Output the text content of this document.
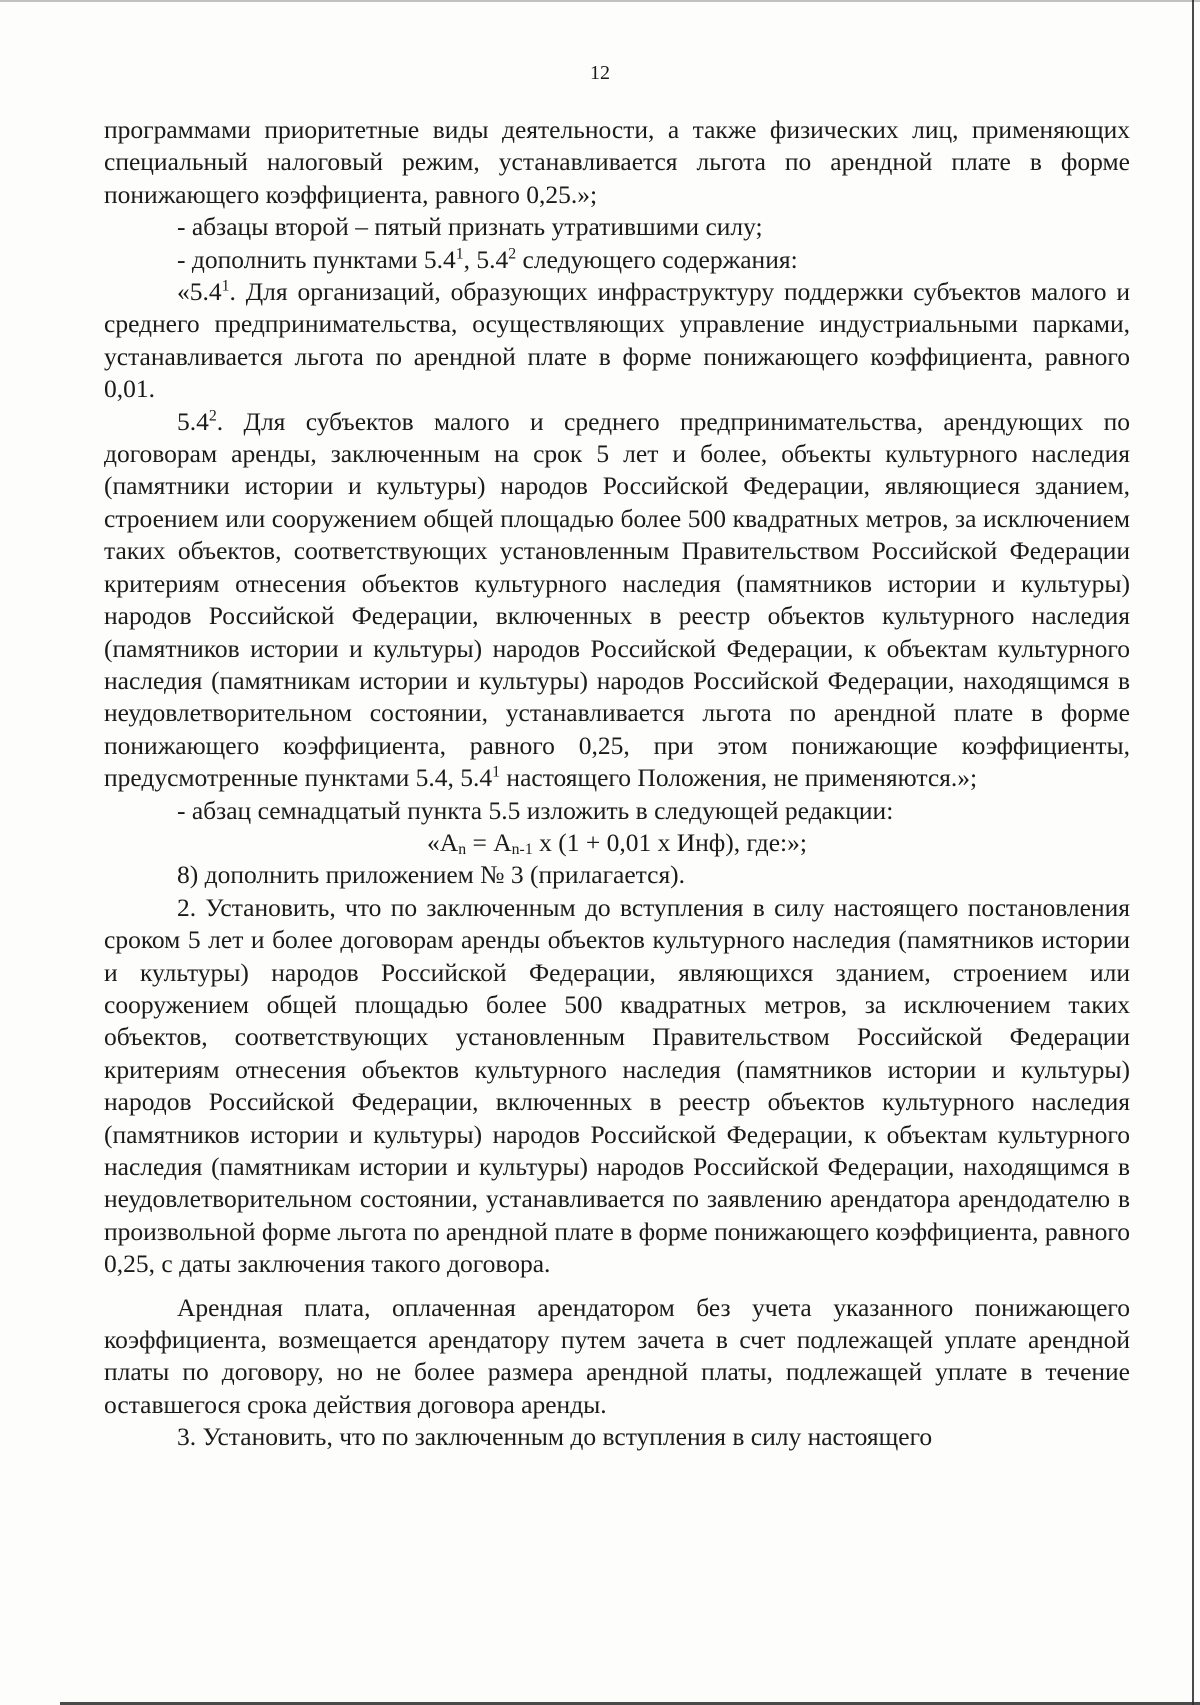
12

программами приоритетные виды деятельности, а также физических лиц, применяющих специальный налоговый режим, устанавливается льгота по арендной плате в форме понижающего коэффициента, равного 0,25.»;

- абзацы второй – пятый признать утратившими силу;

- дополнить пунктами $5.4^1$, $5.4^2$ следующего содержания:

«$5.4^1$. Для организаций, образующих инфраструктуру поддержки субъектов малого и среднего предпринимательства, осуществляющих управление индустриальными парками, устанавливается льгота по арендной плате в форме понижающего коэффициента, равного 0,01.

$5.4^2$. Для субъектов малого и среднего предпринимательства, арендующих по договорам аренды, заключенным на срок 5 лет и более, объекты культурного наследия (памятники истории и культуры) народов Российской Федерации, являющиеся зданием, строением или сооружением общей площадью более 500 квадратных метров, за исключением таких объектов, соответствующих установленным Правительством Российской Федерации критериям отнесения объектов культурного наследия (памятников истории и культуры) народов Российской Федерации, включенных в реестр объектов культурного наследия (памятников истории и культуры) народов Российской Федерации, к объектам культурного наследия (памятникам истории и культуры) народов Российской Федерации, находящимся в неудовлетворительном состоянии, устанавливается льгота по арендной плате в форме понижающего коэффициента, равного 0,25, при этом понижающие коэффициенты, предусмотренные пунктами 5.4, $5.4^1$ настоящего Положения, не применяются.»;

- абзац семнадцатый пункта 5.5 изложить в следующей редакции:

«$А_n = А_{n-1}$ х (1 + 0,01 х Инф), где:»;

8) дополнить приложением № 3 (прилагается).

2. Установить, что по заключенным до вступления в силу настоящего постановления сроком 5 лет и более договорам аренды объектов культурного наследия (памятников истории и культуры) народов Российской Федерации, являющихся зданием, строением или сооружением общей площадью более 500 квадратных метров, за исключением таких объектов, соответствующих установленным Правительством Российской Федерации критериям отнесения объектов культурного наследия (памятников истории и культуры) народов Российской Федерации, включенных в реестр объектов культурного наследия (памятников истории и культуры) народов Российской Федерации, к объектам культурного наследия (памятникам истории и культуры) народов Российской Федерации, находящимся в неудовлетворительном состоянии, устанавливается по заявлению арендатора арендодателю в произвольной форме льгота по арендной плате в форме понижающего коэффициента, равного 0,25, с даты заключения такого договора.

Арендная плата, оплаченная арендатором без учета указанного понижающего коэффициента, возмещается арендатору путем зачета в счет подлежащей уплате арендной платы по договору, но не более размера арендной платы, подлежащей уплате в течение оставшегося срока действия договора аренды.

3. Установить, что по заключенным до вступления в силу настоящего
